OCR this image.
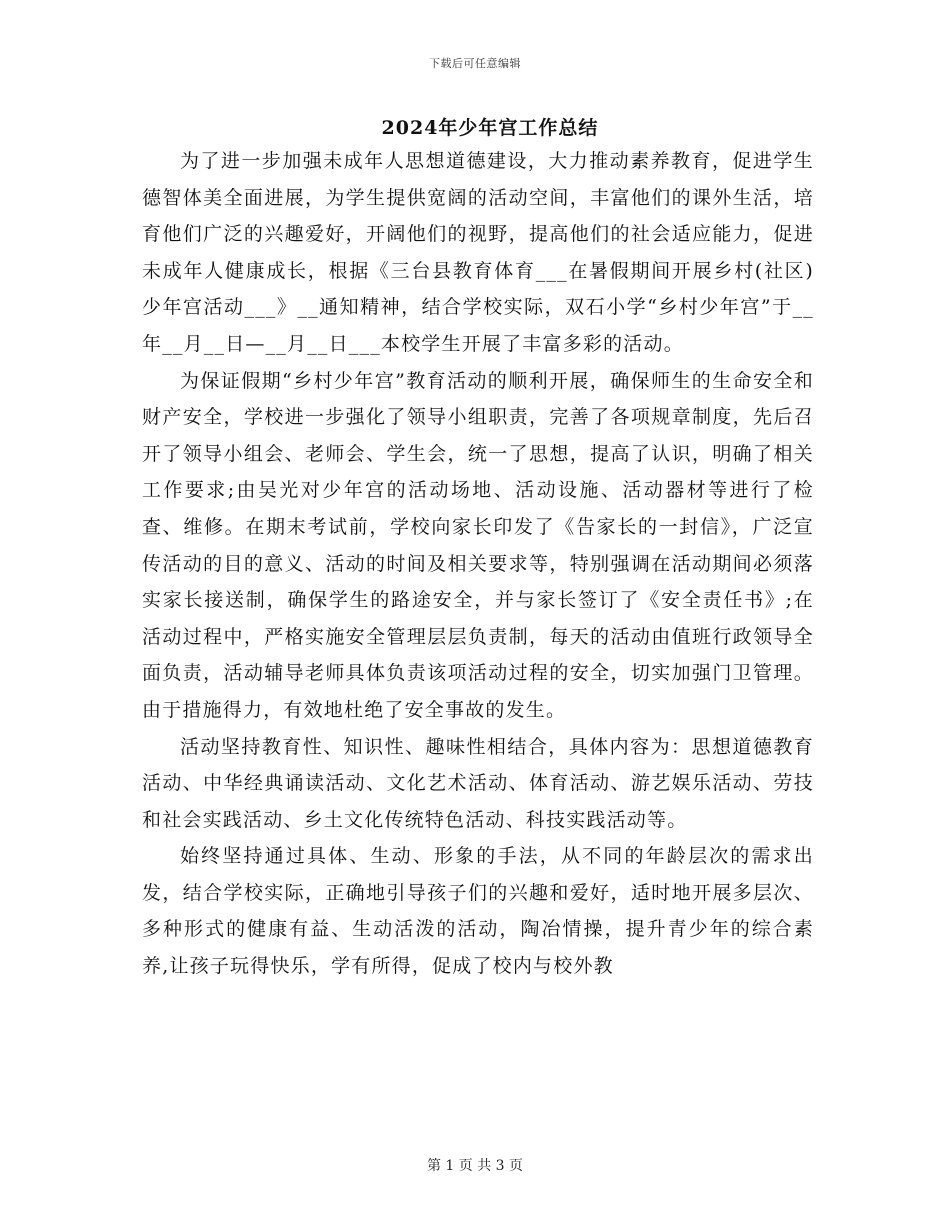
下载后可任意编辑
2024年少年宫工作总结

为了进一步加强未成年人思想道德建设，大力推动素养教育，促进学生德智体美全面进展，为学生提供宽阔的活动空间，丰富他们的课外生活，培育他们广泛的兴趣爱好，开阔他们的视野，提高他们的社会适应能力，促进未成年人健康成长，根据《三台县教育体育___在暑假期间开展乡村(社区)少年宫活动___》__通知精神，结合学校实际，双石小学“乡村少年宫”于__年__月__日—__月__日___本校学生开展了丰富多彩的活动。

为保证假期“乡村少年宫”教育活动的顺利开展，确保师生的生命安全和财产安全，学校进一步强化了领导小组职责，完善了各项规章制度，先后召开了领导小组会、老师会、学生会，统一了思想，提高了认识，明确了相关工作要求;由吴光对少年宫的活动场地、活动设施、活动器材等进行了检查、维修。在期末考试前，学校向家长印发了《告家长的一封信》，广泛宣传活动的目的意义、活动的时间及相关要求等，特别强调在活动期间必须落实家长接送制，确保学生的路途安全，并与家长签订了《安全责任书》;在活动过程中，严格实施安全管理层层负责制，每天的活动由值班行政领导全面负责，活动辅导老师具体负责该项活动过程的安全，切实加强门卫管理。由于措施得力，有效地杜绝了安全事故的发生。

活动坚持教育性、知识性、趣味性相结合，具体内容为：思想道德教育活动、中华经典诵读活动、文化艺术活动、体育活动、游艺娱乐活动、劳技和社会实践活动、乡土文化传统特色活动、科技实践活动等。

始终坚持通过具体、生动、形象的手法，从不同的年龄层次的需求出发，结合学校实际，正确地引导孩子们的兴趣和爱好，适时地开展多层次、多种形式的健康有益、生动活泼的活动，陶冶情操，提升青少年的综合素养,让孩子玩得快乐，学有所得，促成了校内与校外教

第 1 页 共 3 页
